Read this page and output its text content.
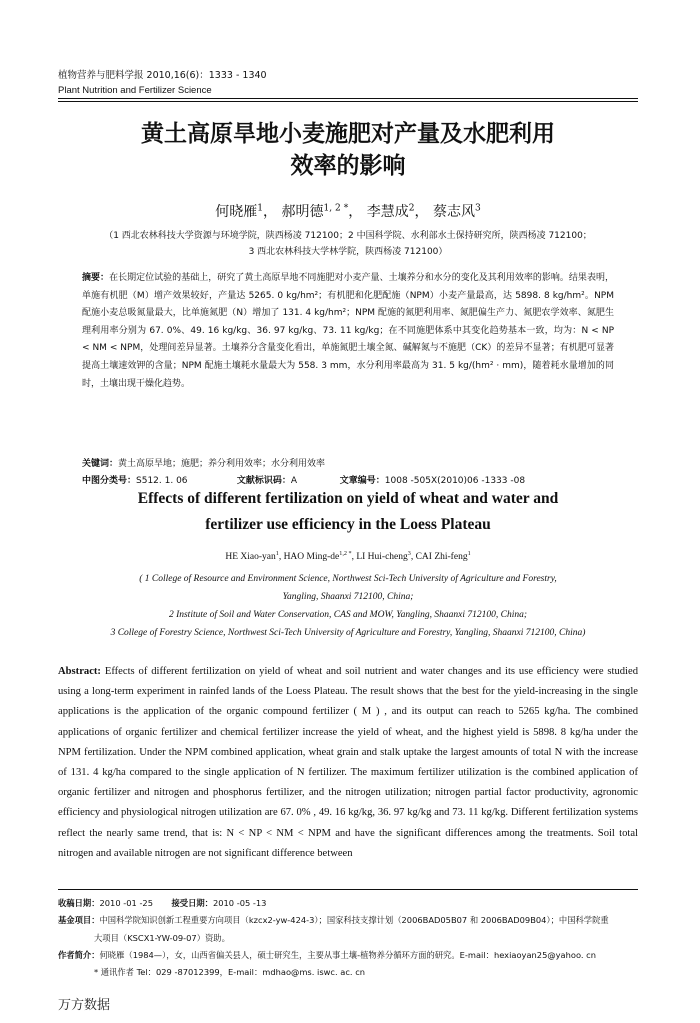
植物营养与肥料学报 2010,16(6)：1333 - 1340
Plant Nutrition and Fertilizer Science
黄土高原旱地小麦施肥对产量及水肥利用
效率的影响
何晓雁$^1$， 郝明德$^{1, 2 *}$， 李慧成$^2$， 蔡志风$^3$
（1 西北农林科技大学资源与环境学院，陕西杨凌 712100；2 中国科学院、水利部水土保持研究所，陕西杨凌 712100；
3 西北农林科技大学林学院，陕西杨凌 712100）
摘要：在长期定位试验的基础上，研究了黄土高原旱地不同施肥对小麦产量、土壤养分和水分的变化及其利用效率的影响。结果表明，单施有机肥（M）增产效果较好，产量达 5265. 0 kg/hm²；有机肥和化肥配施（NPM）小麦产量最高，达 5898. 8 kg/hm²。NPM 配施小麦总吸氮量最大，比单施氮肥（N）增加了 131. 4 kg/hm²；NPM 配施的氮肥利用率、氮肥偏生产力、氮肥农学效率、氮肥生理利用率分别为 67. 0%、49. 16 kg/kg、36. 97 kg/kg、73. 11 kg/kg；在不同施肥体系中其变化趋势基本一致，均为：N < NP < NM < NPM，处理间差异显著。土壤养分含量变化看出，单施氮肥土壤全氮、碱解氮与不施肥（CK）的差异不显著；有机肥可显著提高土壤速效钾的含量；NPM 配施土壤耗水量最大为 558. 3 mm，水分利用率最高为 31. 5 kg/(hm² · mm)，随着耗水量增加的同时，土壤出现干燥化趋势。
关键词：黄土高原旱地；施肥；养分利用效率；水分利用效率
中图分类号：S512. 1. 06	文献标识码：A	文章编号：1008 -505X(2010)06 -1333 -08
Effects of different fertilization on yield of wheat and water and
fertilizer use efficiency in the Loess Plateau
HE Xiao-yan$^1$, HAO Ming-$de^{1,2 *}$, LI Hui-cheng$^3$, CAI Zhi-feng$^1$
( 1 College of Resource and Environment Science, Northwest Sci-Tech University of Agriculture and Forestry,
Yangling, Shaanxi 712100, China;
2 Institute of Soil and Water Conservation, CAS and MOW, Yangling, Shaanxi 712100, China;
3 College of Forestry Science, Northwest Sci-Tech University of Agriculture and Forestry, Yangling, Shaanxi 712100, China)
Abstract: Effects of different fertilization on yield of wheat and soil nutrient and water changes and its use efficiency were studied using a long-term experiment in rainfed lands of the Loess Plateau. The result shows that the best for the yield-increasing in the single applications is the application of the organic compound fertilizer ( M ) , and its output can reach to 5265 kg/ha. The combined applications of organic fertilizer and chemical fertilizer increase the yield of wheat, and the highest yield is 5898. 8 kg/ha under the NPM fertilization. Under the NPM combined application, wheat grain and stalk uptake the largest amounts of total N with the increase of 131. 4 kg/ha compared to the single application of N fertilizer. The maximum fertilizer utilization is the combined application of organic fertilizer and nitrogen and phosphorus fertilizer, and the nitrogen utilization; nitrogen partial factor productivity, agronomic efficiency and physiological nitrogen utilization are 67. 0% , 49. 16 kg/kg, 36. 97 kg/kg and 73. 11 kg/kg. Different fertilization systems reflect the nearly same trend, that is: N < NP < NM < NPM and have the significant differences among the treatments. Soil total nitrogen and available nitrogen are not significant difference between
收稿日期：2010 -01 -25 接受日期：2010 -05 -13
基金项目：中国科学院知识创新工程重要方向项目（kzcx2-yw-424-3）；国家科技支撑计划（2006BAD05B07 和 2006BAD09B04）；中国科学院重
大项目（KSCX1-YW-09-07）资助。
作者简介：何晓雁（1984—），女，山西省偏关县人，硕士研究生，主要从事土壤-植物养分循环方面的研究。E-mail：hexiaoyan25@yahoo. cn
* 通讯作者 Tel：029 -87012399，E-mail：mdhao@ms. iswc. ac. cn
万方数据
